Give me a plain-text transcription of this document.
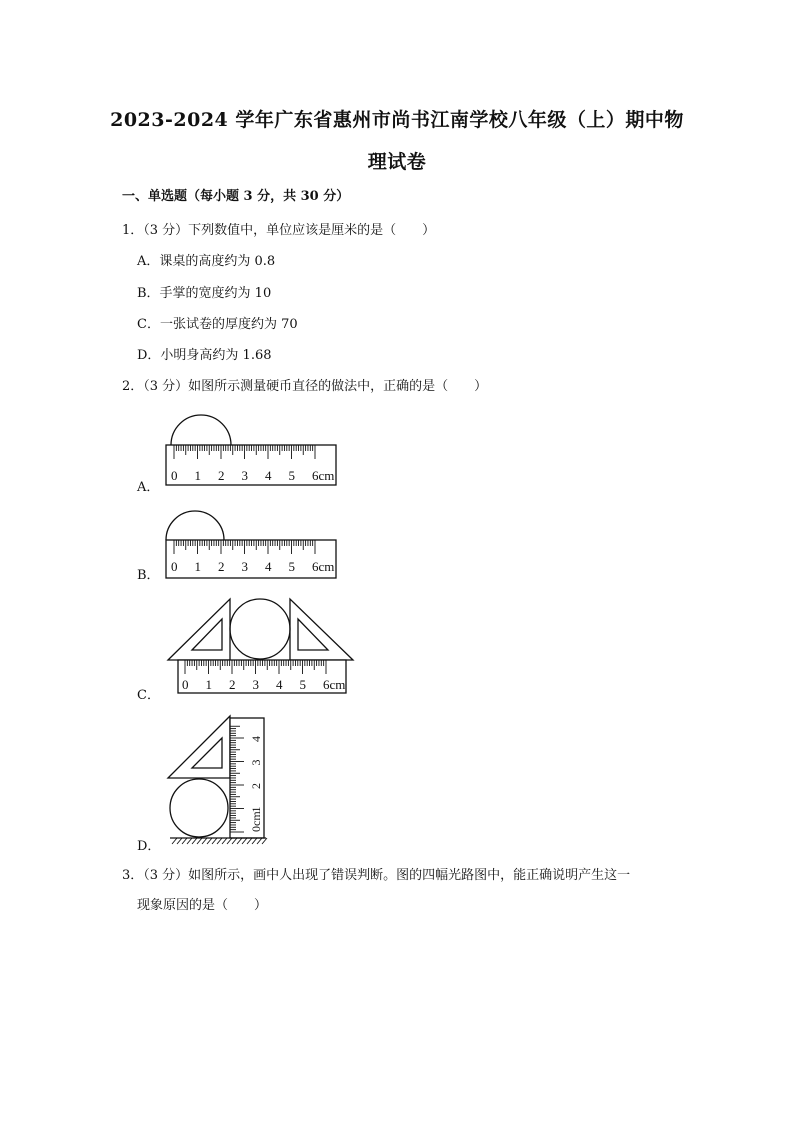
2023-2024 学年广东省惠州市尚书江南学校八年级（上）期中物
理试卷
一、单选题（每小题 3 分，共 30 分）
1．（3 分）下列数值中，单位应该是厘米的是（　　）
A．课桌的高度约为 0.8
B．手掌的宽度约为 10
C．一张试卷的厚度约为 70
D．小明身高约为 1.68
2．（3 分）如图所示测量硬币直径的做法中，正确的是（　　）
A．
B．
C．
D．
0 1 2 3 4 5 6cm
0 1 2 3 4 5 6cm
0 1 2 3 4 5 6cm
0cm
1
2
3
4
3．（3 分）如图所示，画中人出现了错误判断。图的四幅光路图中，能正确说明产生这一
现象原因的是（　　）
